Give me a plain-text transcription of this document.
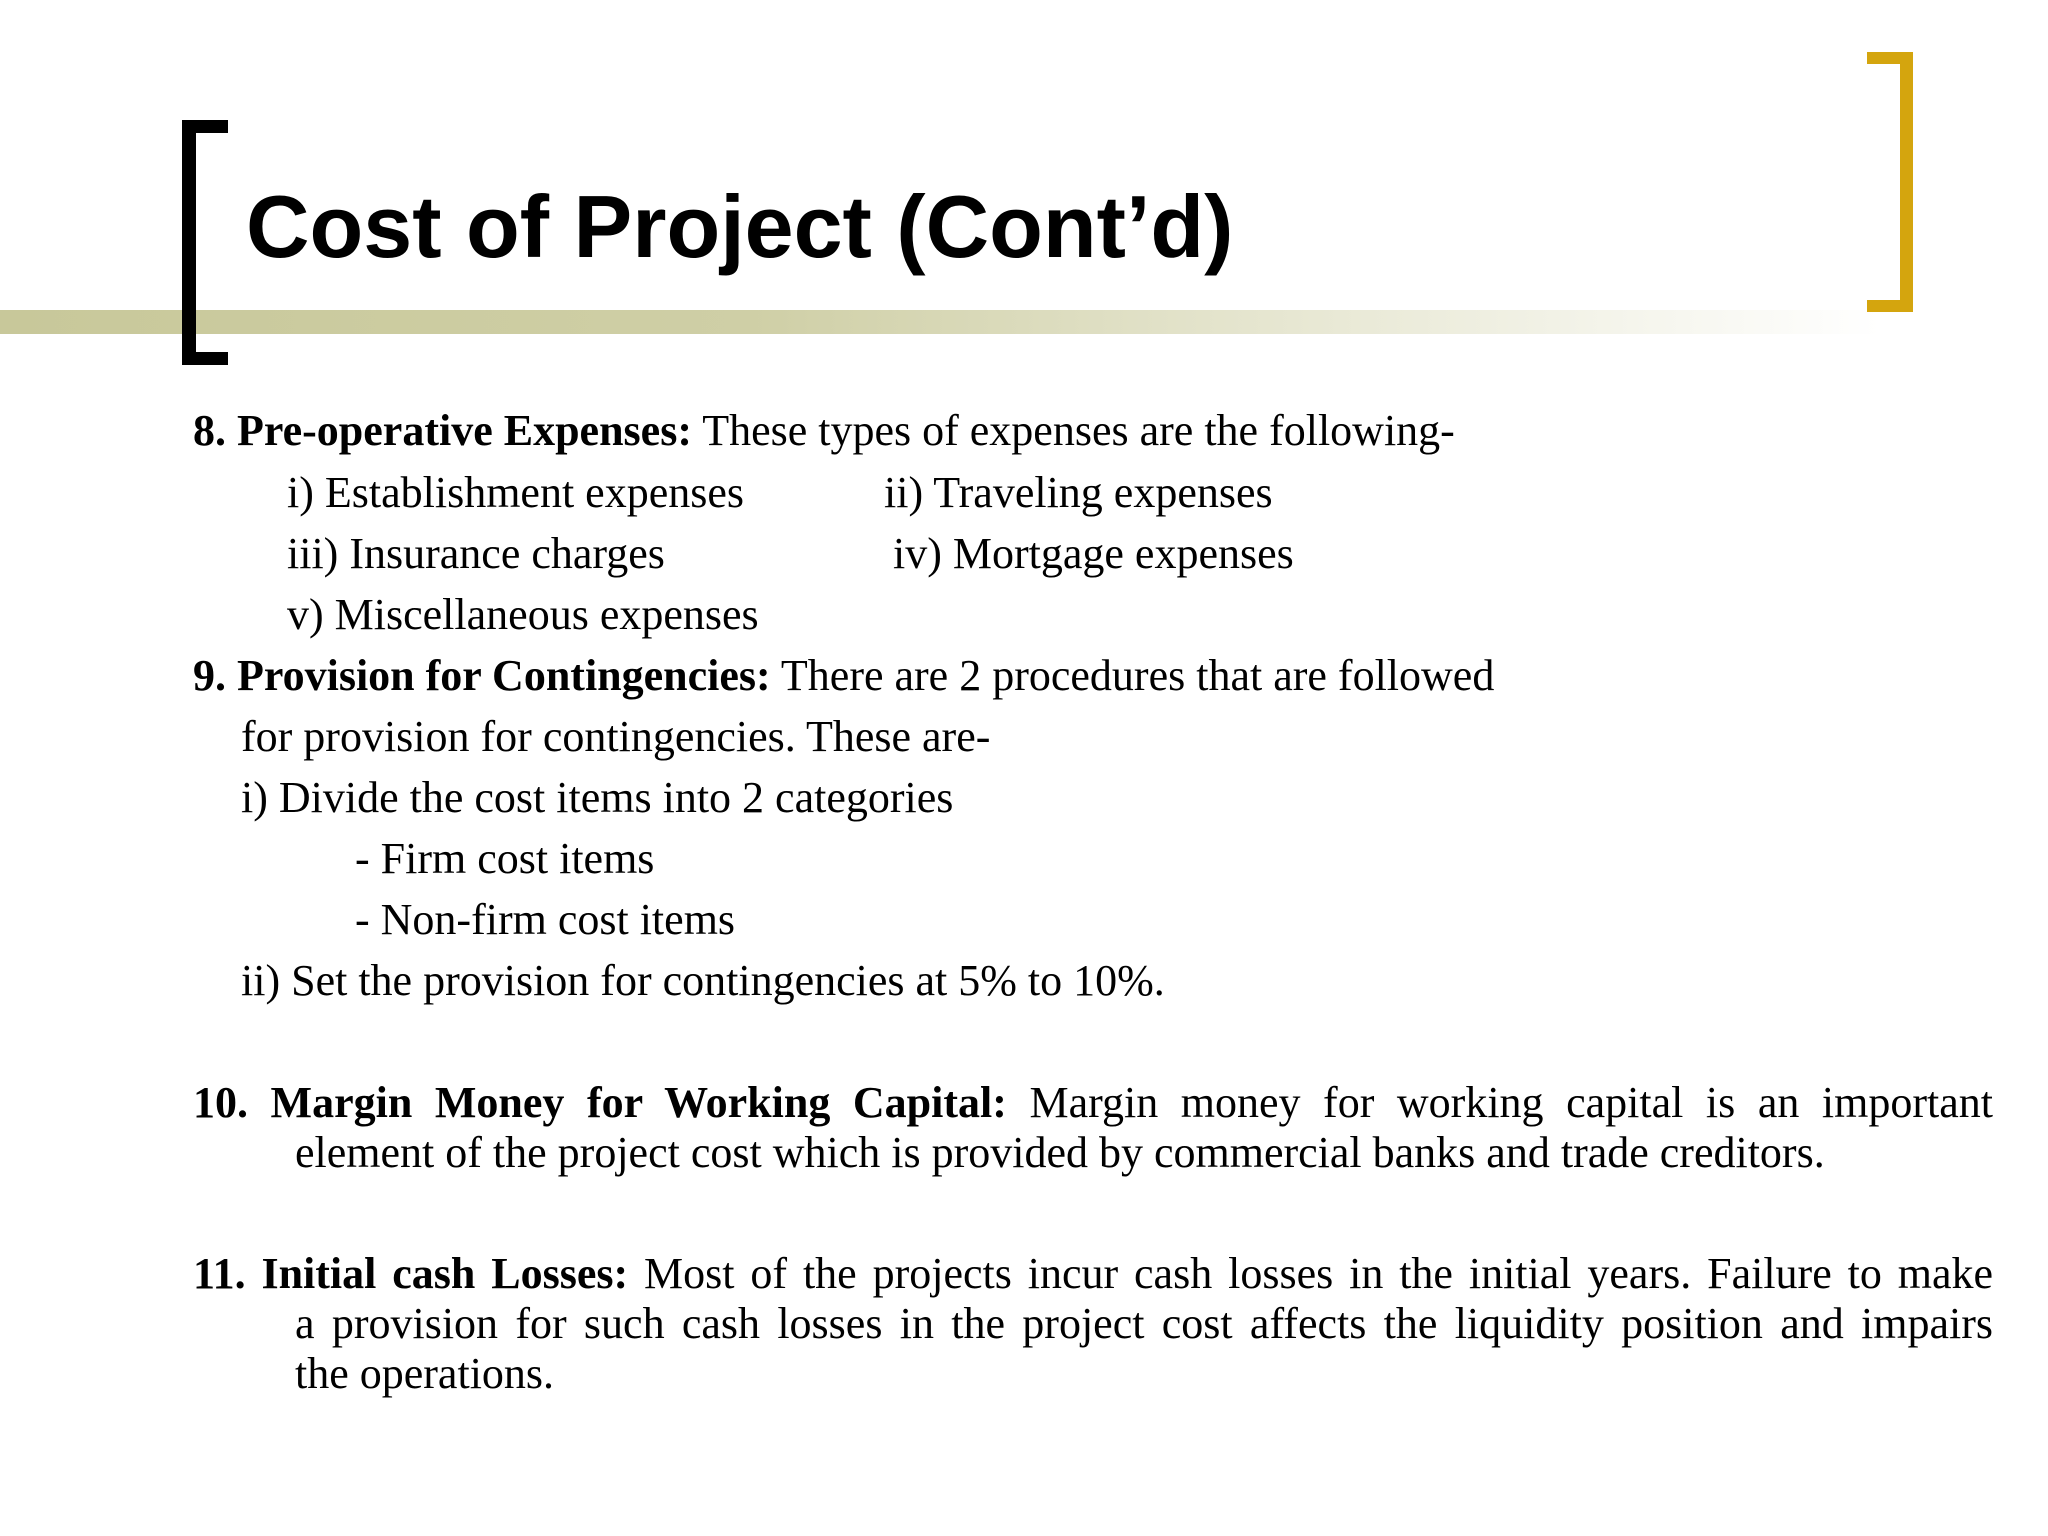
Cost of Project (Cont’d)

8. Pre-operative Expenses: These types of expenses are the following-

i) Establishment expenses	ii) Traveling expenses

iii) Insurance charges	iv) Mortgage expenses

v) Miscellaneous expenses

9. Provision for Contingencies: There are 2 procedures that are followed

for provision for contingencies. These are-

i) Divide the cost items into 2 categories

- Firm cost items

- Non-firm cost items

ii) Set the provision for contingencies at 5% to 10%.

10. Margin Money for Working Capital: Margin money for working capital is an important
element of the project cost which is provided by commercial banks and trade creditors.
11. Initial cash Losses: Most of the projects incur cash losses in the initial years. Failure to make
a provision for such cash losses in the project cost affects the liquidity position and impairs
the operations.
